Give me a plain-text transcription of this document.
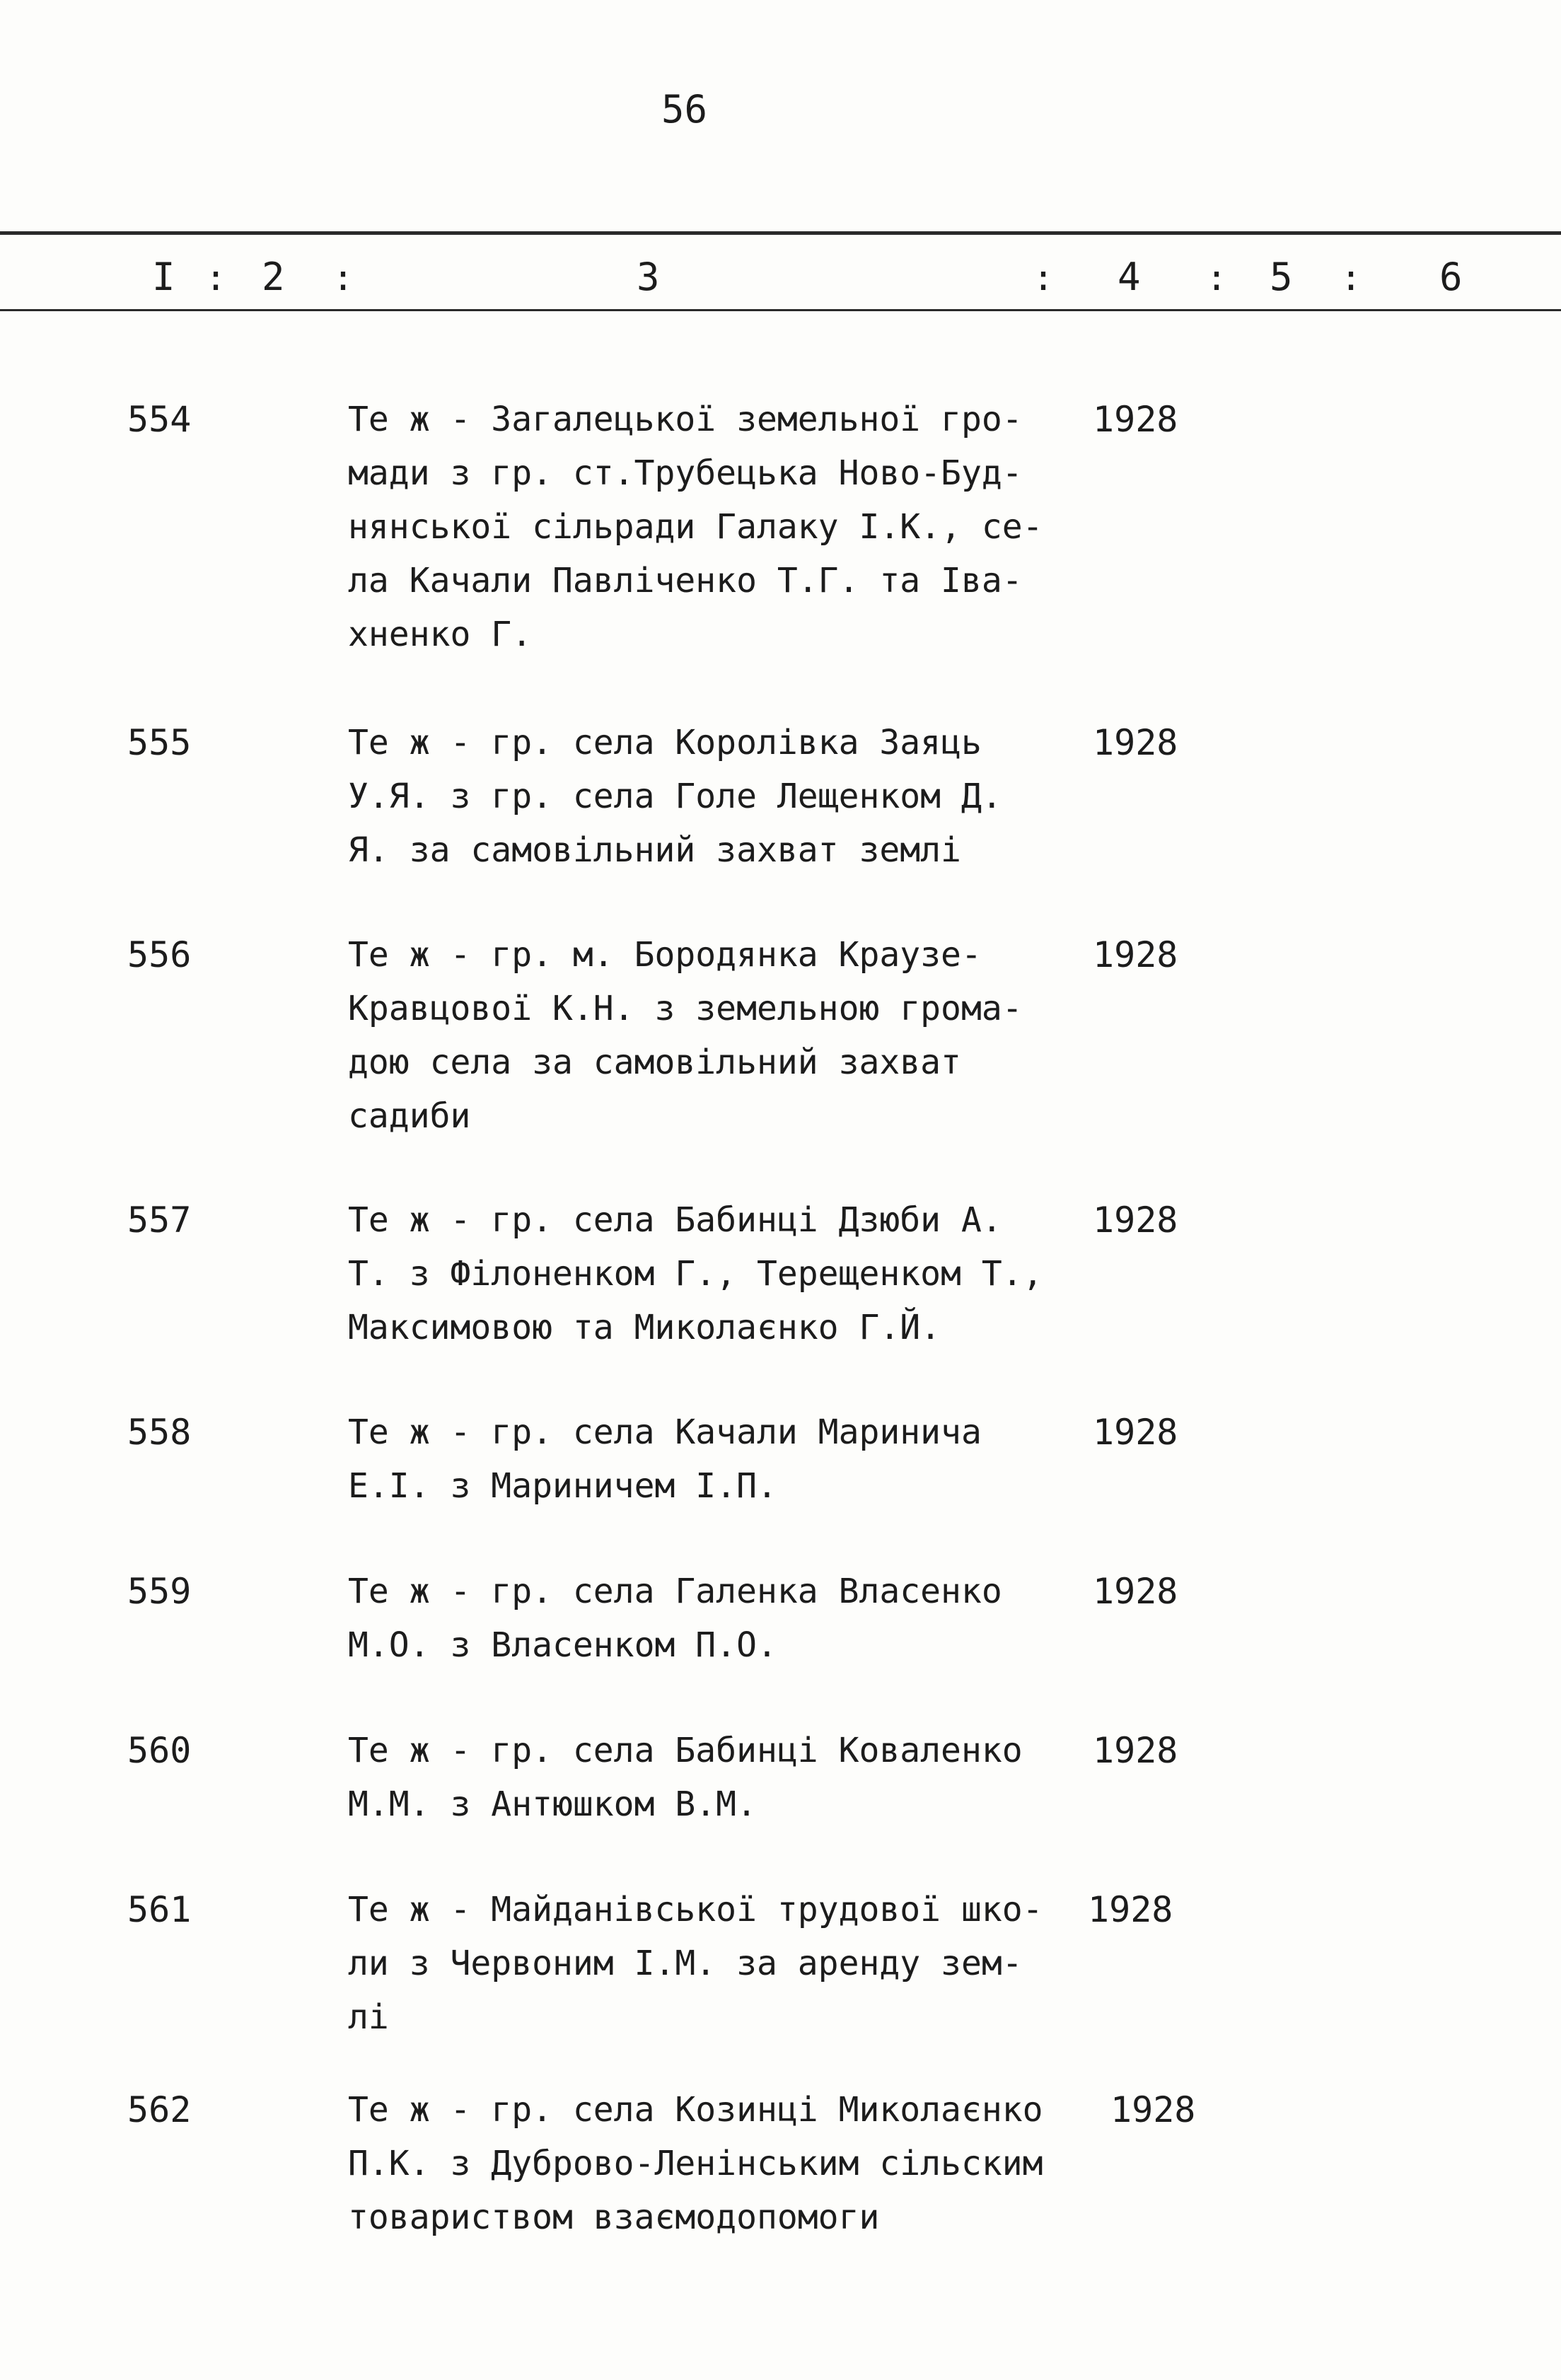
56
I : 2 :	3	: 4 : 5 : 6
554	Те ж - Загалецької земельної гро-
мади з гр. ст.Трубецька Ново-Буд-
нянської сільради Галаку І.К., се-
ла Качали Павліченко Т.Г. та Іва-
хненко Г.
1928
555	Те ж - гр. села Королівка Заяць
У.Я. з гр. села Голе Лещенком Д.
Я. за самовільний захват землі
1928
556	Те ж - гр. м. Бородянка Краузе-
Кравцової К.Н. з земельною грома-
дою села за самовільний захват
садиби
1928
557	Те ж - гр. села Бабинці Дзюби А.
Т. з Філоненком Г., Терещенком Т.,
Максимовою та Миколаєнко Г.Й.
1928
558	Те ж - гр. села Качали Маринича
Е.І. з Мариничем І.П.
1928
559	Те ж - гр. села Галенка Власенко
М.О. з Власенком П.О.
1928
560	Те ж - гр. села Бабинці Коваленко
М.М. з Антюшком В.М.
1928
561	Те ж - Майданівської трудової шко-
ли з Червоним І.М. за аренду зем-
лі
1928
562	Те ж - гр. села Козинці Миколаєнко
П.К. з Дуброво-Ленінським сільским
товариством взаємодопомоги
1928
